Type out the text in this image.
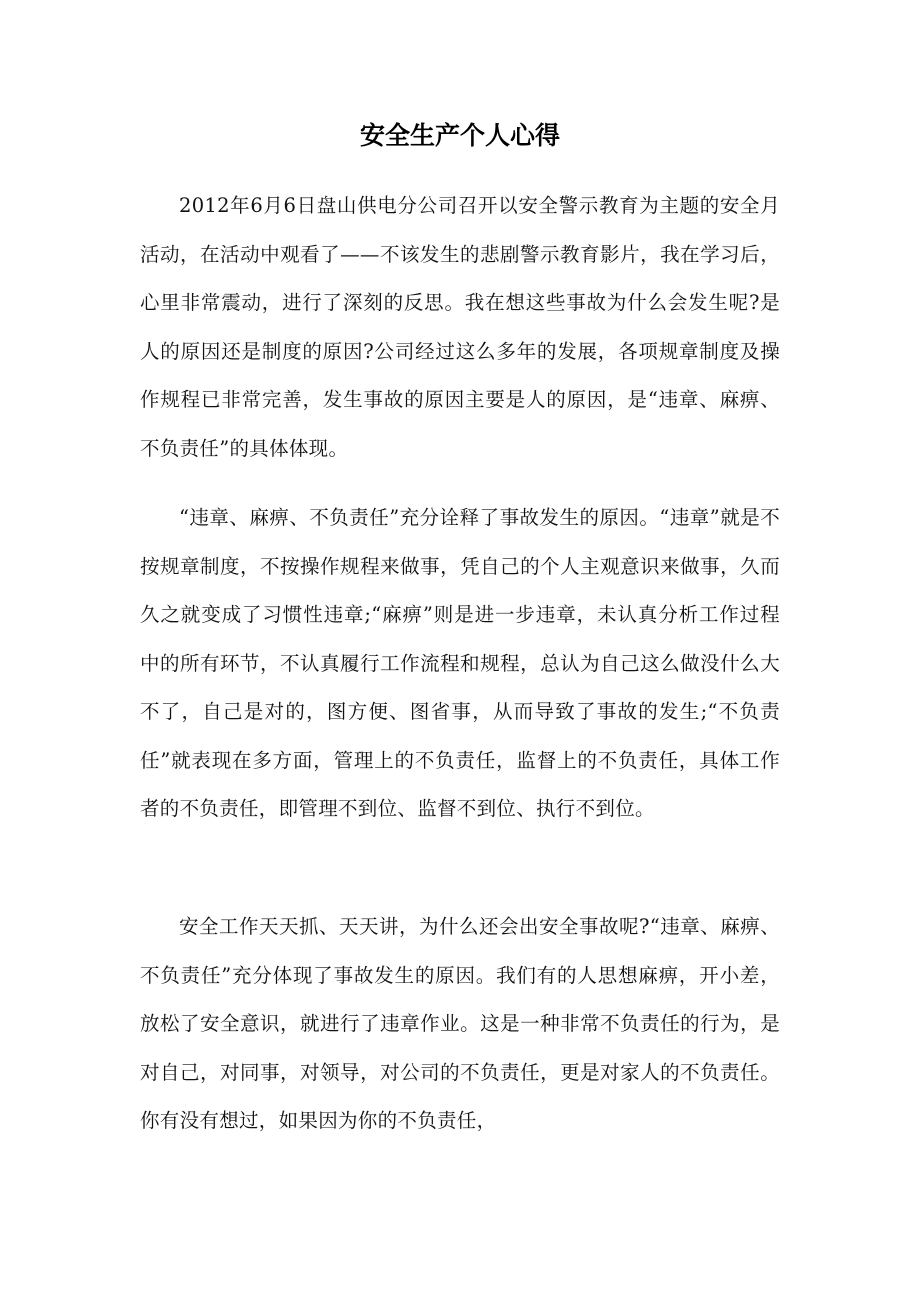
安全生产个人心得

2012年6月6日盘山供电分公司召开以安全警示教育为主题的安全月活动，在活动中观看了——不该发生的悲剧警示教育影片，我在学习后，心里非常震动，进行了深刻的反思。我在想这些事故为什么会发生呢?是人的原因还是制度的原因?公司经过这么多年的发展，各项规章制度及操作规程已非常完善，发生事故的原因主要是人的原因，是“违章、麻痹、不负责任”的具体体现。

“违章、麻痹、不负责任”充分诠释了事故发生的原因。“违章”就是不按规章制度，不按操作规程来做事，凭自己的个人主观意识来做事，久而久之就变成了习惯性违章;“麻痹”则是进一步违章，未认真分析工作过程中的所有环节，不认真履行工作流程和规程，总认为自己这么做没什么大不了，自己是对的，图方便、图省事，从而导致了事故的发生;“不负责任”就表现在多方面，管理上的不负责任，监督上的不负责任，具体工作者的不负责任，即管理不到位、监督不到位、执行不到位。

安全工作天天抓、天天讲，为什么还会出安全事故呢?“违章、麻痹、不负责任”充分体现了事故发生的原因。我们有的人思想麻痹，开小差，放松了安全意识，就进行了违章作业。这是一种非常不负责任的行为，是对自己，对同事，对领导，对公司的不负责任，更是对家人的不负责任。你有没有想过，如果因为你的不负责任，
